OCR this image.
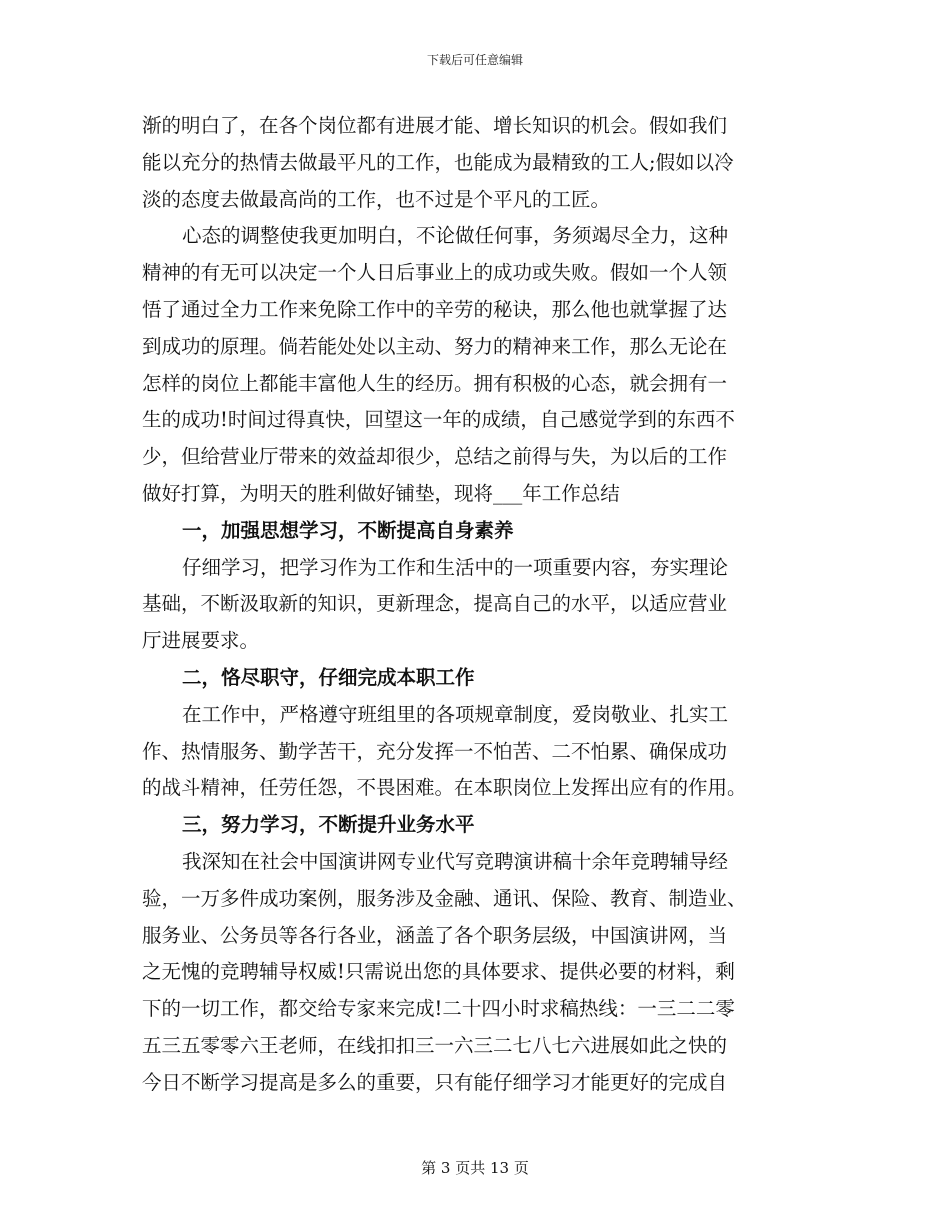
下载后可任意编辑
渐的明白了，在各个岗位都有进展才能、增长知识的机会。假如我们
能以充分的热情去做最平凡的工作，也能成为最精致的工人;假如以冷
淡的态度去做最高尚的工作，也不过是个平凡的工匠。
心态的调整使我更加明白，不论做任何事，务须竭尽全力，这种
精神的有无可以决定一个人日后事业上的成功或失败。假如一个人领
悟了通过全力工作来免除工作中的辛劳的秘诀，那么他也就掌握了达
到成功的原理。倘若能处处以主动、努力的精神来工作，那么无论在
怎样的岗位上都能丰富他人生的经历。拥有积极的心态，就会拥有一
生的成功!时间过得真快，回望这一年的成绩，自己感觉学到的东西不
少，但给营业厅带来的效益却很少，总结之前得与失，为以后的工作
做好打算，为明天的胜利做好铺垫，现将___年工作总结
一，加强思想学习，不断提高自身素养
仔细学习，把学习作为工作和生活中的一项重要内容，夯实理论
基础，不断汲取新的知识，更新理念，提高自己的水平，以适应营业
厅进展要求。
二，恪尽职守，仔细完成本职工作
在工作中，严格遵守班组里的各项规章制度，爱岗敬业、扎实工
作、热情服务、勤学苦干，充分发挥一不怕苦、二不怕累、确保成功
的战斗精神，任劳任怨，不畏困难。在本职岗位上发挥出应有的作用。
三，努力学习，不断提升业务水平
我深知在社会中国演讲网专业代写竞聘演讲稿十余年竞聘辅导经
验，一万多件成功案例，服务涉及金融、通讯、保险、教育、制造业、
服务业、公务员等各行各业，涵盖了各个职务层级，中国演讲网，当
之无愧的竞聘辅导权威!只需说出您的具体要求、提供必要的材料，剩
下的一切工作，都交给专家来完成!二十四小时求稿热线：一三二二零
五三五零零六王老师，在线扣扣三一六三二七八七六进展如此之快的
今日不断学习提高是多么的重要，只有能仔细学习才能更好的完成自
第 3 页共 13 页
